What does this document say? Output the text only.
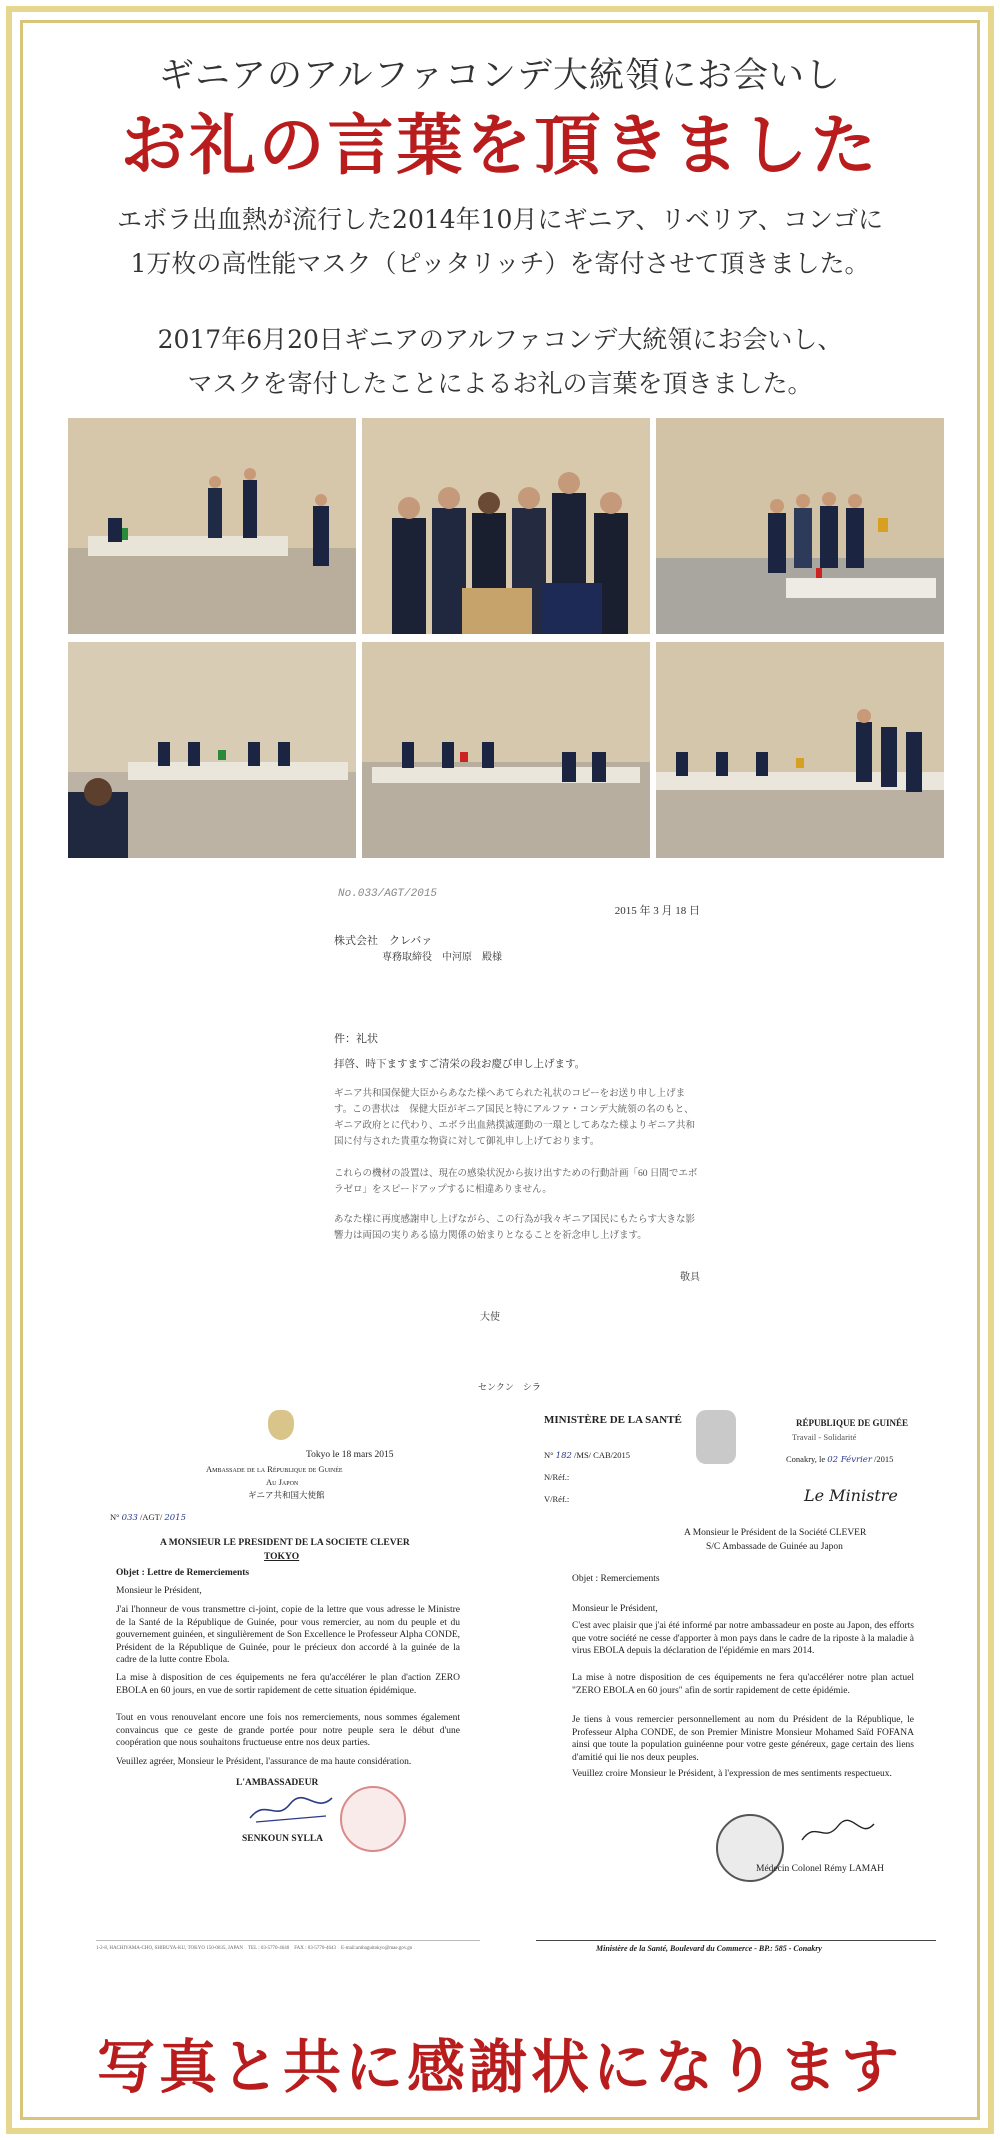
ギニアのアルファコンデ大統領にお会いし
お礼の言葉を頂きました
エボラ出血熱が流行した2014年10月にギニア、リベリア、コンゴに
1万枚の高性能マスク（ピッタリッチ）を寄付させて頂きました。
2017年6月20日ギニアのアルファコンデ大統領にお会いし、
マスクを寄付したことによるお礼の言葉を頂きました。
No.033/AGT/2015
2015 年 3 月 18 日
株式会社　クレバァ
専務取締役　中河原　殿様
件：礼状
拝啓、時下ますますご清栄の段お慶び申し上げます。
ギニア共和国保健大臣からあなた様へあてられた礼状のコピーをお送り申し上げます。この書状は　保健大臣がギニア国民と特にアルファ・コンデ大統領の名のもと、ギニア政府とに代わり、エボラ出血熱撲滅運動の一環としてあなた様よりギニア共和国に付与された貴重な物資に対して御礼申し上げております。
これらの機材の設置は、現在の感染状況から抜け出すための行動計画「60 日間でエボラゼロ」をスピードアップするに相違ありません。
あなた様に再度感謝申し上げながら、この行為が我々ギニア国民にもたらす大きな影響力は両国の実りある協力関係の始まりとなることを祈念申し上げます。
敬具
大使
センクン　シラ
Tokyo le 18 mars 2015
Ambassade de la République de Guinée
Au Japon
ギニア共和国大使館
N° 033 /AGT/ 2015
A MONSIEUR LE PRESIDENT DE LA SOCIETE CLEVER
TOKYO
Objet : Lettre de Remerciements
Monsieur le Président,
J'ai l'honneur de vous transmettre ci-joint, copie de la lettre que vous adresse le Ministre de la Santé de la République de Guinée, pour vous remercier, au nom du peuple et du gouvernement guinéen, et singulièrement de Son Excellence le Professeur Alpha CONDE, Président de la République de Guinée, pour le précieux don accordé à la guinée de la cadre de la lutte contre Ebola.
La mise à disposition de ces équipements ne fera qu'accélérer le plan d'action ZERO EBOLA en 60 jours, en vue de sortir rapidement de cette situation épidémique.
Tout en vous renouvelant encore une fois nos remerciements, nous sommes également convaincus que ce geste de grande portée pour notre peuple sera le début d'une coopération que nous souhaitons fructueuse entre nos deux parties.
Veuillez agréer, Monsieur le Président, l'assurance de ma haute considération.
L'AMBASSADEUR
SENKOUN SYLLA
1-2-8, HACHIYAMA-CHO, SHIBUYA-KU, TOKYO 150-0035, JAPAN　TEL : 03-5770-4640　FAX : 03-5770-4643　E-mail:ambaguitokyo@mae.gov.gn
MINISTÈRE DE LA SANTÉ	RÉPUBLIQUE DE GUINÉE
Travail - Solidarité
N° 182 /MS/ CAB/2015
N/Réf.:
V/Réf.:
Conakry, le 02 Février /2015
Le Ministre
A Monsieur le Président de la Société CLEVER
S/C Ambassade de Guinée au Japon
Objet : Remerciements
Monsieur le Président,
C'est avec plaisir que j'ai été informé par notre ambassadeur en poste au Japon, des efforts que votre société ne cesse d'apporter à mon pays dans le cadre de la riposte à la maladie à virus EBOLA depuis la déclaration de l'épidémie en mars 2014.
La mise à notre disposition de ces équipements ne fera qu'accélérer notre plan actuel "ZERO EBOLA en 60 jours" afin de sortir rapidement de cette épidémie.
Je tiens à vous remercier personnellement au nom du Président de la République, le Professeur Alpha CONDE, de son Premier Ministre Monsieur Mohamed Saïd FOFANA ainsi que toute la population guinéenne pour votre geste généreux, gage certain des liens d'amitié qui lie nos deux peuples.
Veuillez croire Monsieur le Président, à l'expression de mes sentiments respectueux.
Médecin Colonel Rémy LAMAH
Ministère de la Santé, Boulevard du Commerce - BP.: 585 - Conakry
写真と共に感謝状になります
